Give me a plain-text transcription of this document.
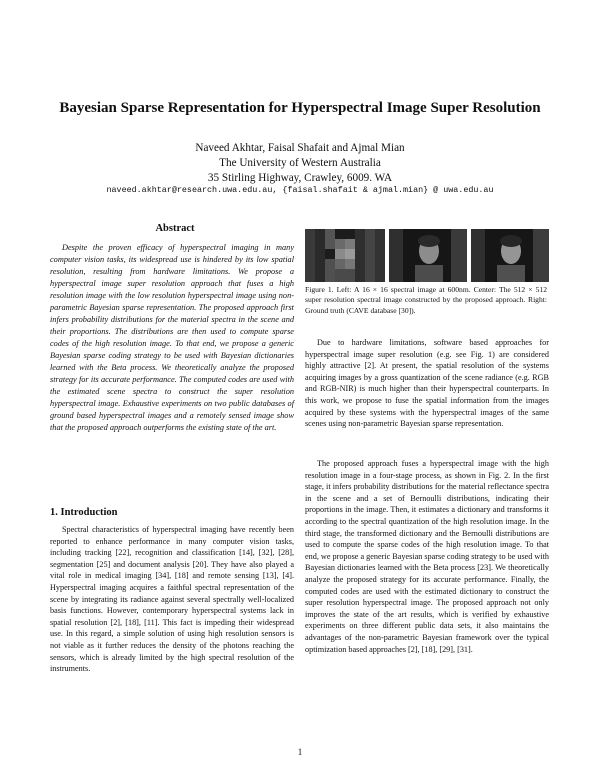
Bayesian Sparse Representation for Hyperspectral Image Super Resolution
Naveed Akhtar, Faisal Shafait and Ajmal Mian
The University of Western Australia
35 Stirling Highway, Crawley, 6009. WA
naveed.akhtar@research.uwa.edu.au, {faisal.shafait & ajmal.mian} @ uwa.edu.au
Abstract

Despite the proven efficacy of hyperspectral imaging in many computer vision tasks, its widespread use is hindered by its low spatial resolution, resulting from hardware limitations. We propose a hyperspectral image super resolution approach that fuses a high resolution image with the low resolution hyperspectral image using non-parametric Bayesian sparse representation. The proposed approach first infers probability distributions for the material spectra in the scene and their proportions. The distributions are then used to compute sparse codes of the high resolution image. To that end, we propose a generic Bayesian sparse coding strategy to be used with Bayesian dictionaries learned with the Beta process. We theoretically analyze the proposed strategy for its accurate performance. The computed codes are used with the estimated scene spectra to construct the super resolution hyperspectral image. Exhaustive experiments on two public databases of ground based hyperspectral images and a remotely sensed image show that the proposed approach outperforms the existing state of the art.

1. Introduction

Spectral characteristics of hyperspectral imaging have recently been reported to enhance performance in many computer vision tasks, including tracking [22], recognition and classification [14], [32], [28], segmentation [25] and document analysis [20]. They have also played a vital role in medical imaging [34], [18] and remote sensing [13], [4]. Hyperspectral imaging acquires a faithful spectral representation of the scene by integrating its radiance against several spectrally well-localized basis functions. However, contemporary hyperspectral systems lack in spatial resolution [2], [18], [11]. This fact is impeding their widespread use. In this regard, a simple solution of using high resolution sensors is not viable as it further reduces the density of the photons reaching the sensors, which is already limited by the high spectral resolution of the instruments.

Figure 1. Left: A 16 × 16 spectral image at 600nm. Center: The 512 × 512 super resolution spectral image constructed by the proposed approach. Right: Ground truth (CAVE database [30]).

Due to hardware limitations, software based approaches for hyperspectral image super resolution (e.g. see Fig. 1) are considered highly attractive [2]. At present, the spatial resolution of the systems acquiring images by a gross quantization of the scene radiance (e.g. RGB and RGB-NIR) is much higher than their hyperspectral counterparts. In this work, we propose to fuse the spatial information from the images acquired by these systems with the hyperspectral images of the same scenes using non-parametric Bayesian sparse representation.

The proposed approach fuses a hyperspectral image with the high resolution image in a four-stage process, as shown in Fig. 2. In the first stage, it infers probability distributions for the material reflectance spectra in the scene and a set of Bernoulli distributions, indicating their proportions in the image. Then, it estimates a dictionary and transforms it according to the spectral quantization of the high resolution image. In the third stage, the transformed dictionary and the Bernoulli distributions are used to compute the sparse codes of the high resolution image. To that end, we propose a generic Bayesian sparse coding strategy to be used with Bayesian dictionaries learned with the Beta process [23]. We theoretically analyze the proposed strategy for its accurate performance. Finally, the computed codes are used with the estimated dictionary to construct the super resolution hyperspectral image. The proposed approach not only improves the state of the art results, which is verified by exhaustive experiments on three different public data sets, it also maintains the advantages of the non-parametric Bayesian framework over the typical optimization based approaches [2], [18], [29], [31].

1
